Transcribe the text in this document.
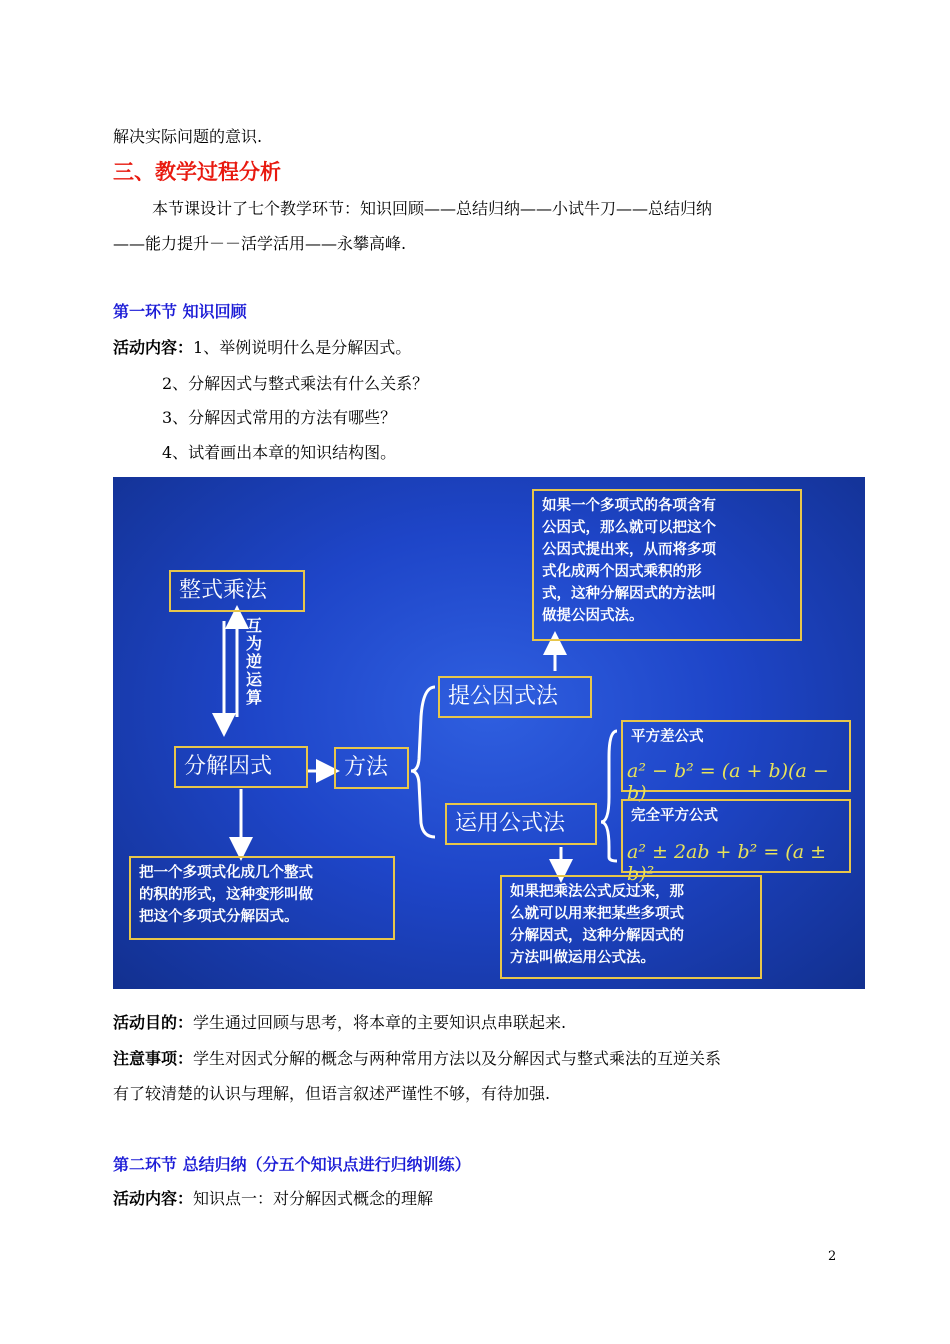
解决实际问题的意识.
三、教学过程分析
本节课设计了七个教学环节：知识回顾——总结归纳——小试牛刀——总结归纳
——能力提升－－活学活用——永攀高峰.
第一环节 知识回顾
活动内容：1、举例说明什么是分解因式。
2、分解因式与整式乘法有什么关系？
3、分解因式常用的方法有哪些？
4、试着画出本章的知识结构图。
整式乘法
互
为
逆
运
算
分解因式	方法
提公因式法
运用公式法
如果一个多项式的各项含有
公因式，那么就可以把这个
公因式提出来，从而将多项
式化成两个因式乘积的形
式，这种分解因式的方法叫
做提公因式法。
平方差公式
a² − b² = (a + b)(a − b)
完全平方公式
a² ± 2ab + b² = (a ± b)²
把一个多项式化成几个整式
的积的形式，这种变形叫做
把这个多项式分解因式。
如果把乘法公式反过来，那
么就可以用来把某些多项式
分解因式，这种分解因式的
方法叫做运用公式法。
活动目的：学生通过回顾与思考，将本章的主要知识点串联起来.
注意事项：学生对因式分解的概念与两种常用方法以及分解因式与整式乘法的互逆关系
有了较清楚的认识与理解，但语言叙述严谨性不够，有待加强.
第二环节 总结归纳（分五个知识点进行归纳训练）
活动内容：知识点一：对分解因式概念的理解
2
